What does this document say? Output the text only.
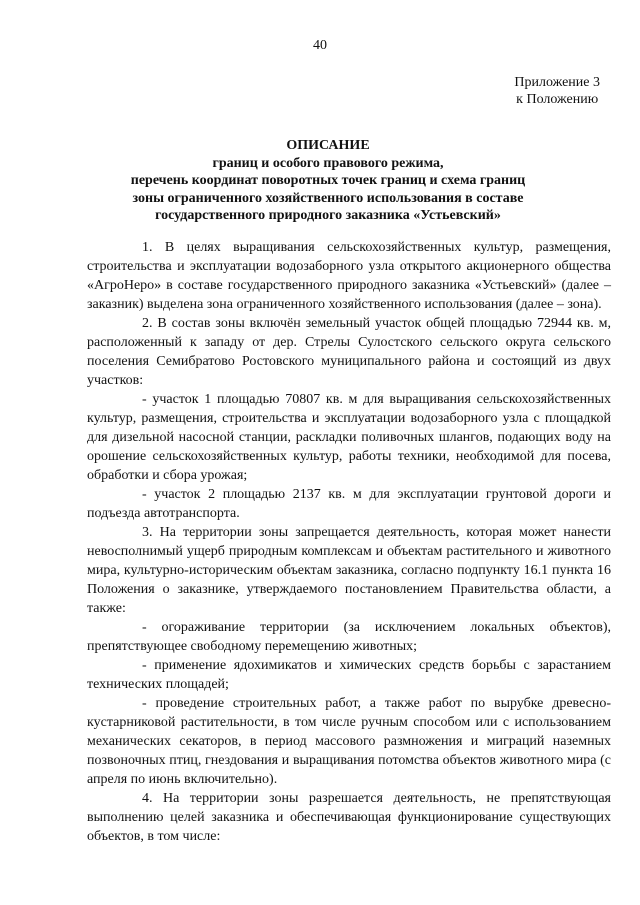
40
Приложение 3
к Положению
ОПИСАНИЕ
границ и особого правового режима,
перечень координат поворотных точек границ и схема границ
зоны ограниченного хозяйственного использования в составе
государственного природного заказника «Устьевский»

1. В целях выращивания сельскохозяйственных культур, размещения, строительства и эксплуатации водозаборного узла открытого акционерного общества «АгроНеро» в составе государственного природного заказника «Устьевский» (далее – заказник) выделена зона ограниченного хозяйственного использования (далее – зона).

2. В состав зоны включён земельный участок общей площадью 72944 кв. м, расположенный к западу от дер. Стрелы Сулостского сельского округа сельского поселения Семибратово Ростовского муниципального района и состоящий из двух участков:

- участок 1 площадью 70807 кв. м для выращивания сельскохозяйственных культур, размещения, строительства и эксплуатации водозаборного узла с площадкой для дизельной насосной станции, раскладки поливочных шлангов, подающих воду на орошение сельскохозяйственных культур, работы техники, необходимой для посева, обработки и сбора урожая;

- участок 2 площадью 2137 кв. м для эксплуатации грунтовой дороги и подъезда автотранспорта.

3. На территории зоны запрещается деятельность, которая может нанести невосполнимый ущерб природным комплексам и объектам растительного и животного мира, культурно-историческим объектам заказника, согласно подпункту 16.1 пункта 16 Положения о заказнике, утверждаемого постановлением Правительства области, а также:

- огораживание территории (за исключением локальных объектов), препятствующее свободному перемещению животных;

- применение ядохимикатов и химических средств борьбы с зарастанием технических площадей;

- проведение строительных работ, а также работ по вырубке древесно-кустарниковой растительности, в том числе ручным способом или с использованием механических секаторов, в период массового размножения и миграций наземных позвоночных птиц, гнездования и выращивания потомства объектов животного мира (с апреля по июнь включительно).

4. На территории зоны разрешается деятельность, не препятствующая выполнению целей заказника и обеспечивающая функционирование существующих объектов, в том числе:
